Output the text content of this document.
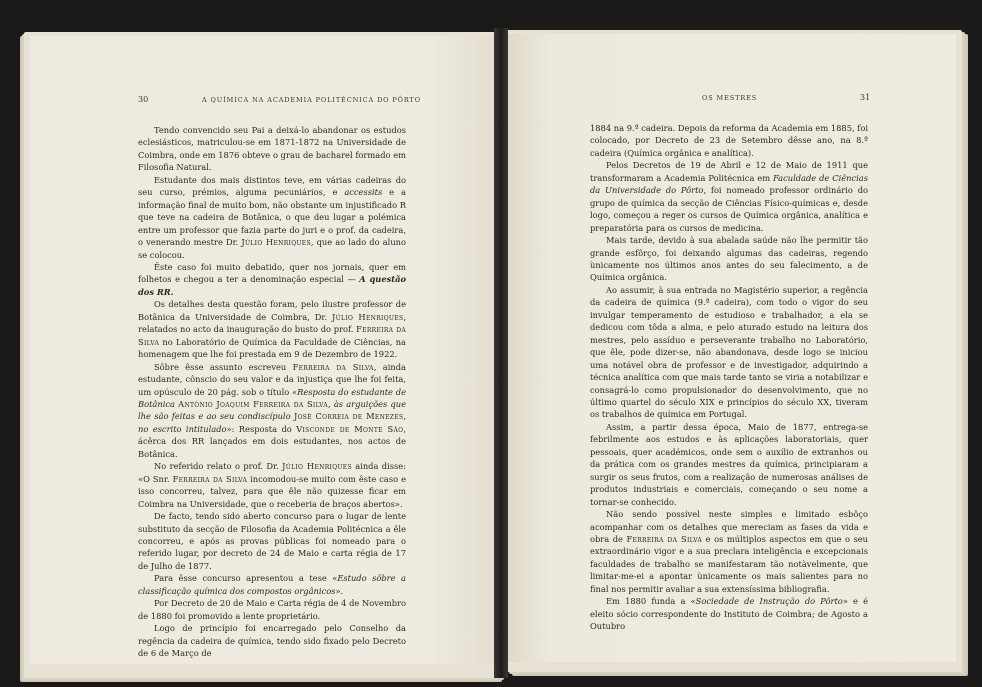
30	A QUÍMICA NA ACADEMIA POLITÉCNICA DO PÔRTO

Tendo convencido seu Pai a deixá-lo abandonar os estudos eclesiásticos, matriculou-se em 1871-1872 na Universidade de Coimbra, onde em 1876 obteve o grau de bacharel formado em Filosofia Natural.

Estudante dos mais distintos teve, em várias cadeiras do seu curso, prémios, alguma pecuniários, e accessits e a informação final de muito bom, não obstante um injustificado R que teve na cadeira de Botânica, o que deu lugar a polémica entre um professor que fazia parte do juri e o prof. da cadeira, o venerando mestre Dr. Júlio Henriques, que ao lado do aluno se colocou.

Êste caso foi muito debatido, quer nos jornais, quer em folhetos e chegou a ter a denominação especial — A questão dos RR.

Os detalhes desta questão foram, pelo ilustre professor de Botânica da Universidade de Coimbra, Dr. Júlio Henriques, relatados no acto da inauguração do busto do prof. Ferreira da Silva no Laboratório de Química da Faculdade de Ciências, na homenagem que lhe foi prestada em 9 de Dezembro de 1922.

Sôbre êsse assunto escreveu Ferreira da Silva, ainda estudante, cônscio do seu valor e da injustiça que lhe foi feita, um opúsculo de 20 pág. sob o título «Resposta do estudante de Botânica António Joaquim Ferreira da Silva, às arguições que lhe são feitas e ao seu condiscípulo José Correia de Menezes, no escrito intitulado»: Resposta do Visconde de Monte São, ácêrca dos RR lançados em dois estudantes, nos actos de Botânica.

No referido relato o prof. Dr. Júlio Henriques ainda disse: «O Snr. Ferreira da Silva incomodou-se muito com êste caso e isso concorreu, talvez, para que êle não quizesse ficar em Coimbra na Universidade, que o receberia de braços abertos».

De facto, tendo sido aberto concurso para o lugar de lente substituto da secção de Filosofia da Academia Politécnica a êle concorreu, e após as provas públicas foi nomeado para o referido lugar, por decreto de 24 de Maio e carta régia de 17 de Julho de 1877.

Para êsse concurso apresentou a tese «Estudo sôbre a classificação química dos compostos orgânicos».

Por Decreto de 20 de Maio e Carta régia de 4 de Novembro de 1880 foi promovido a lente proprietário.

Logo de princípio foi encarregado pelo Conselho da regência da cadeira de química, tendo sido fixado pelo Decreto de 6 de Março de

OS MESTRES	31

1884 na 9.ª cadeira. Depois da reforma da Academia em 1885, foi colocado, por Decreto de 23 de Setembro dêsse ano, na 8.ª cadeira (Química orgânica e analítica).

Pelos Decretos de 19 de Abril e 12 de Maio de 1911 que transformaram a Academia Politécnica em Faculdade de Ciências da Universidade do Pôrto, foi nomeado professor ordinário do grupo de química da secção de Ciências Físico-químicas e, desde logo, começou a reger os cursos de Química orgânica, analítica e preparatória para os cursos de medicina.

Mais tarde, devido à sua abalada saúde não lhe permitir tão grande esfôrço, foi deixando algumas das cadeiras, regendo ùnicamente nos últimos anos antes do seu falecimento, a de Química orgânica.

Ao assumir, à sua entrada no Magistério superior, a regência da cadeira de química (9.ª cadeira), com todo o vigor do seu invulgar temperamento de estudioso e trabalhador, a ela se dedicou com tôda a alma, e pelo aturado estudo na leitura dos mestres, pelo assíduo e perseverante trabalho no Laboratório, que êle, pode dizer-se, não abandonava, desde logo se iniciou uma notável obra de professor e de investigador, adquirindo a técnica analítica com que mais tarde tanto se viria a notabilizar e consagrá-lo como propulsionador do desenvolvimento, que no último quartel do século XIX e princípios do século XX, tiveram os trabalhos de química em Portugal.

Assim, a partir dessa época, Maio de 1877, entrega-se febrilmente aos estudos e às aplicações laboratoriais, quer pessoais, quer académicos, onde sem o auxílio de extranhos ou da prática com os grandes mestres da química, principiaram a surgir os seus frutos, com a realização de numerosas análises de produtos industriais e comerciais, começando o seu nome a tornar-se conhecido.

Não sendo possível neste simples e limitado esbôço acompanhar com os detalhes que mereciam as fases da vida e obra de Ferreira da Silva e os múltiplos aspectos em que o seu extraordinário vigor e a sua preclara inteligência e excepcionais faculdades de trabalho se manifestaram tão notàvelmente, que limitar-me-ei a apontar ùnicamente os mais salientes para no final nos permitir avaliar a sua extensíssima bibliografia.

Em 1880 funda a «Sociedade de Instrução do Pôrto» e é eleito sócio correspondente do Instituto de Coimbra; de Agosto a Outubro
